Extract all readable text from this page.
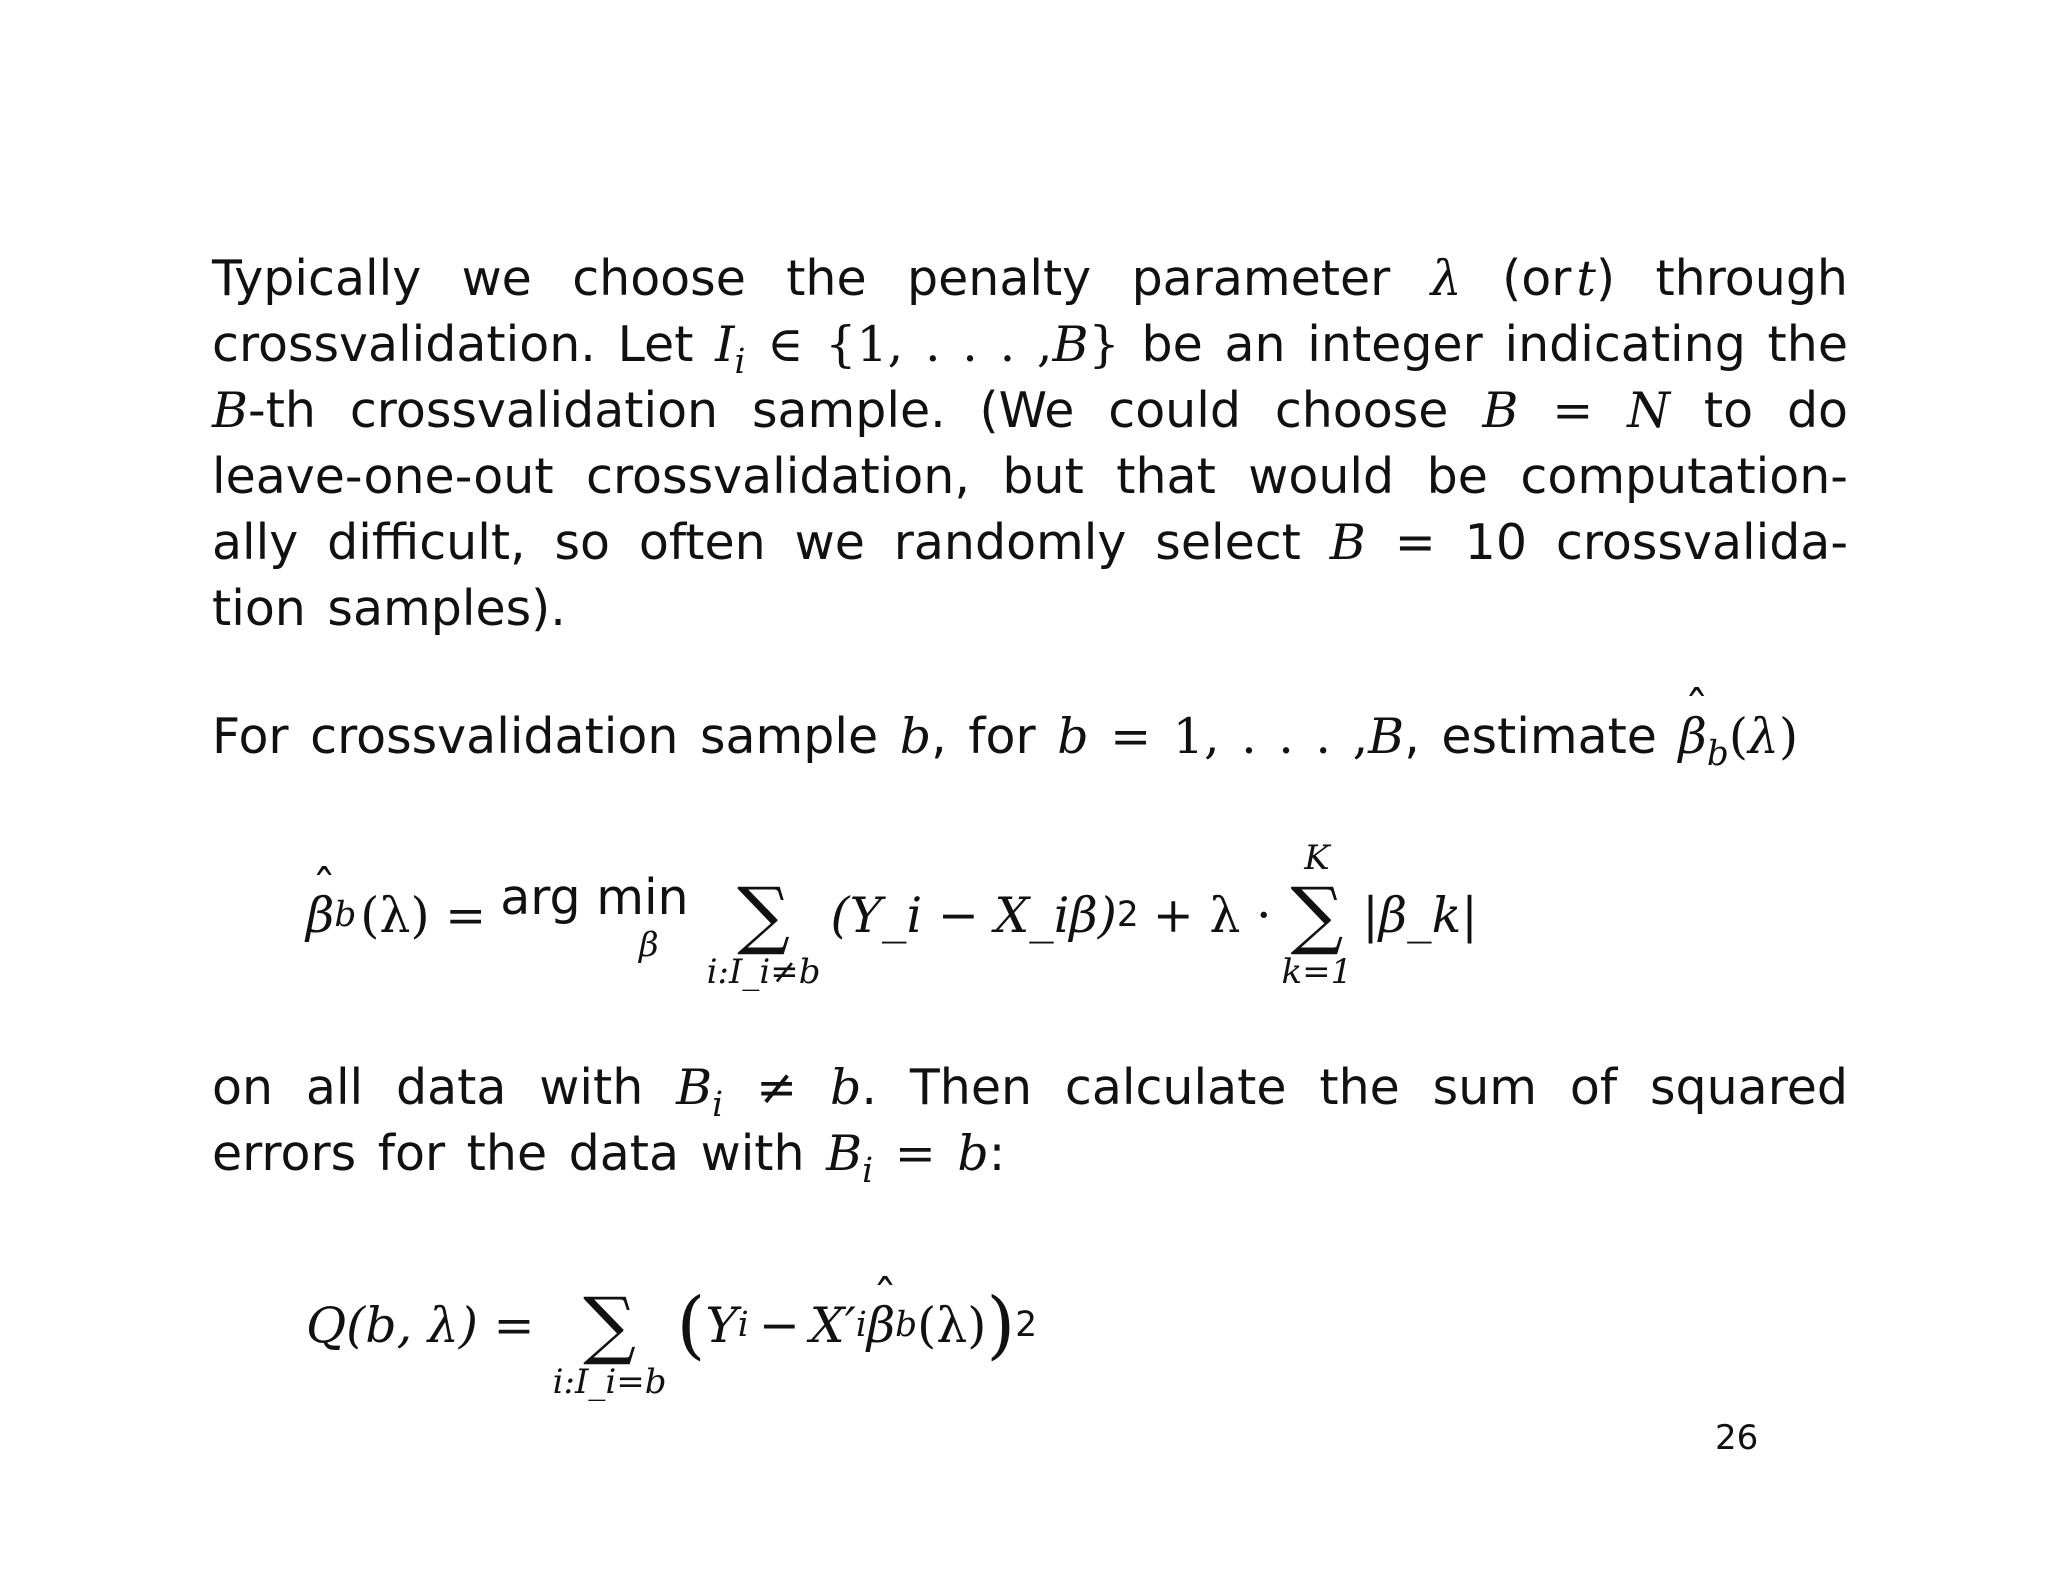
Typically we choose the penalty parameter λ (or t) through
crossvalidation. Let $I_i$ ∈ {1, . . . ,B} be an integer indicating the
B-th crossvalidation sample. (We could choose B = N to do
leave-one-out crossvalidation, but that would be computation-
ally difficult, so often we randomly select B = 10 crossvalida-
tion samples).
For crossvalidation sample b, for b = 1, . . . ,B, estimate ˆ $\beta_b(\lambda)$
ˆ β b (λ) = arg min
β
∑
i:I_i≠b
(Y_i − X_iβ) 2 + λ ·
K
∑
k=1
|β_k|
on all data with $B_i \ne b$. Then calculate the sum of squared
errors for the data with $B_i = b$:
Q(b, λ) =
∑
i:I_i=b
( Y i − X ′ i ˆ β b (λ) ) 2
26
